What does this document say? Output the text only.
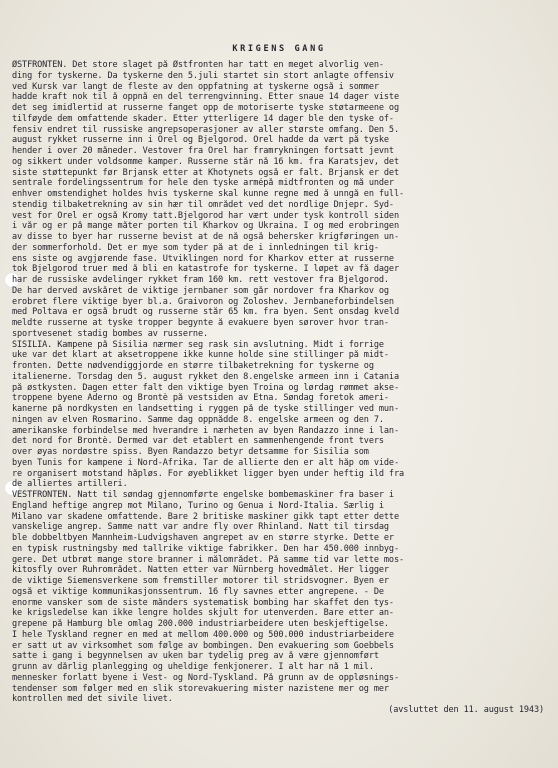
KRIGENS GANG
ØSTFRONTEN. Det store slaget på Østfronten har tatt en meget alvorlig ven-
ding for tyskerne. Da tyskerne den 5.juli startet sin stort anlagte offensiv
ved Kursk var langt de fleste av den oppfatning at tyskerne også i sommer
hadde kraft nok til å oppnå en del terrengvinning. Etter snaue 14 dager viste
det seg imidlertid at russerne fanget opp de motoriserte tyske støtarmeene og
tilføyde dem omfattende skader. Etter ytterligere 14 dager ble den tyske of-
fensiv endret til russiske angrepsoperasjoner av aller største omfang. Den 5.
august rykket russerne inn i Orel og Bjelgorod. Orel hadde da vært på tyske
hender i over 20 måneder. Vestover fra Orel har framrykningen fortsatt jevnt
og sikkert under voldsomme kamper. Russerne står nå 16 km. fra Karatsjev, det
siste støttepunkt før Brjansk etter at Khotynets også er falt. Brjansk er det
sentrale fordelingssentrum for hele den tyske armépå midtfronten og må under
enhver omstendighet holdes hvis tyskerne skal kunne regne med å unngå en full-
stendig tilbaketrekning av sin hær til området ved det nordlige Dnjepr. Syd-
vest for Orel er også Kromy tatt.Bjelgorod har vært under tysk kontroll siden
i vår og er på mange måter porten til Kharkov og Ukraina. I og med erobringen
av disse to byer har russerne bevist at de nå også behersker krigføringen un-
der sommerforhold. Det er mye som tyder på at de i innledningen til krig-
ens siste og avgjørende fase. Utviklingen nord for Kharkov etter at russerne
tok Bjelgorod truer med å bli en katastrofe for tyskerne. I løpet av få dager
har de russiske avdelinger rykket fram 160 km. rett vestover fra Bjelgorod.
De har derved avskåret de viktige jernbaner som går nordover fra Kharkov og
erobret flere viktige byer bl.a. Graivoron og Zoloshev. Jernbaneforbindelsen
med Poltava er også brudt og russerne står 65 km. fra byen. Sent onsdag kveld
meldte russerne at tyske tropper begynte å evakuere byen sørover hvor tran-
sportvesenet stadig bombes av russerne.
SISILIA. Kampene på Sisilia nærmer seg rask sin avslutning. Midt i forrige
uke var det klart at aksetroppene ikke kunne holde sine stillinger på midt-
fronten. Dette nødvendiggjorde en større tilbaketrekning for tyskerne og
italienerne. Torsdag den 5. august rykket den 8.engelske armeen inn i Catania
på østkysten. Dagen etter falt den viktige byen Troina og lørdag rømmet akse-
troppene byene Aderno og Brontè på vestsiden av Etna. Søndag foretok ameri-
kanerne på nordkysten en landsetting i ryggen på de tyske stillinger ved mun-
ningen av elven Rosmarino. Samme dag oppnådde 8. engelske armeen og den 7.
amerikanske forbindelse med hverandre i nærheten av byen Randazzo inne i lan-
det nord for Brontè. Dermed var det etablert en sammenhengende front tvers
over øyas nordøstre spiss. Byen Randazzo betyr detsamme for Sisilia som
byen Tunis for kampene i Nord-Afrika. Tar de allierte den er alt håp om vide-
re organisert motstand håpløs. For øyeblikket ligger byen under heftig ild fra
de alliertes artilleri.
VESTFRONTEN. Natt til søndag gjennomførte engelske bombemaskiner fra baser i
England heftige angrep mot Milano, Turino og Genua i Nord-Italia. Særlig i
Milano var skadene omfattende. Bare 2 britiske maskiner gikk tapt etter dette
vanskelige angrep. Samme natt var andre fly over Rhinland. Natt til tirsdag
ble dobbeltbyen Mannheim-Ludvigshaven angrepet av en større styrke. Dette er
en typisk rustningsby med tallrike viktige fabrikker. Den har 450.000 innbyg-
gere. Det utbrøt mange store branner i målområdet. På samme tid var lette mos-
kitosfly over Ruhrområdet. Natten etter var Nürnberg hovedmålet. Her ligger
de viktige Siemensverkene som fremstiller motorer til stridsvogner. Byen er
også et viktige kommunikasjonssentrum. 16 fly savnes etter angrepene. - De
enorme vansker som de siste månders systematisk bombing har skaffet den tys-
ke krigsledelse kan ikke lengre holdes skjult for utenverden. Bare etter an-
grepene på Hamburg ble omlag 200.000 industriarbeidere uten beskjeftigelse.
I hele Tyskland regner en med at mellom 400.000 og 500.000 industriarbeidere
er satt ut av virksomhet som følge av bombingen. Den evakuering som Goebbels
satte i gang i begynnelsen av uken bar tydelig preg av å være gjennomført
grunn av dårlig planlegging og uheldige fenkjonerer. I alt har nå 1 mil.
mennesker forlatt byene i Vest- og Nord-Tyskland. På grunn av de oppløsnings-
tendenser som følger med en slik storevakuering mister nazistene mer og mer
kontrollen med det sivile livet.
(avsluttet den 11. august 1943)
